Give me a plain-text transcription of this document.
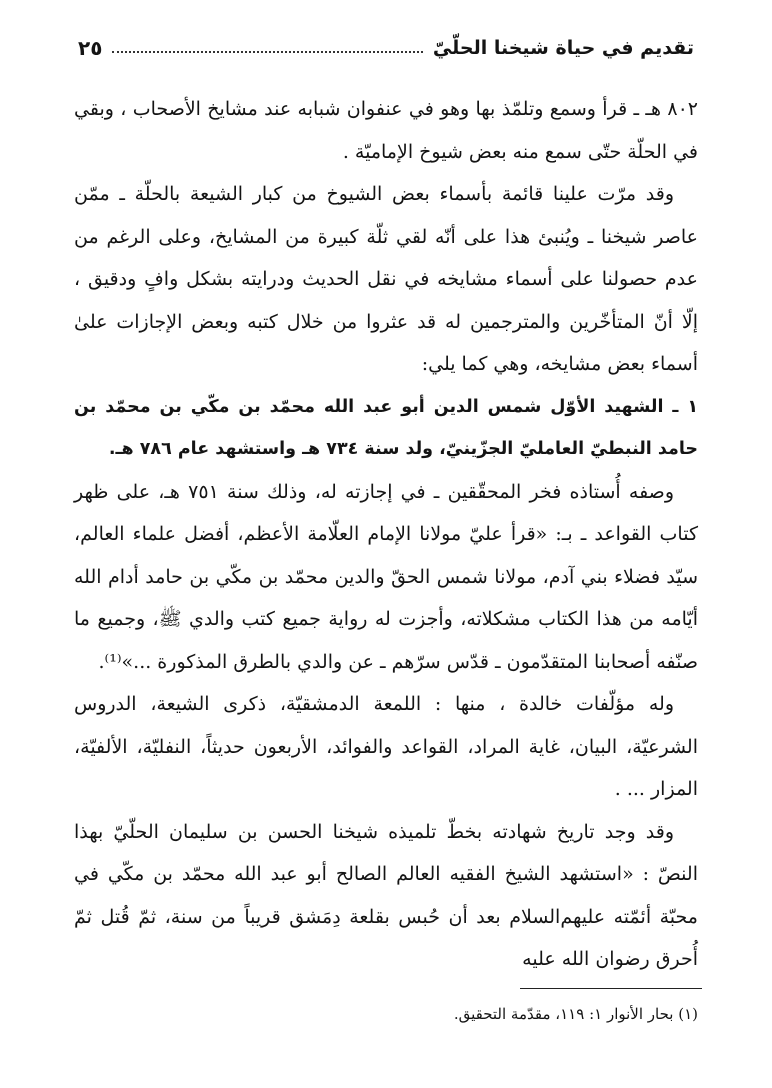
تقديم في حياة شيخنا الحلّيّ
٢٥

٨٠٢ هـ ـ قرأ وسمع وتلمّذ بها وهو في عنفوان شبابه عند مشايخ الأصحاب ، وبقي في الحلّة حتّى سمع منه بعض شيوخ الإماميّة .

وقد مرّت علينا قائمة بأسماء بعض الشيوخ من كبار الشيعة بالحلّة ـ ممّن عاصر شيخنا ـ ويُنبئ هذا على أنّه لقي ثلّة كبيرة من المشايخ، وعلى الرغم من عدم حصولنا على أسماء مشايخه في نقل الحديث ودرايته بشكل وافٍ ودقيق ، إلّا أنّ المتأخّرين والمترجمين له قد عثروا من خلال كتبه وبعض الإجازات علىٰ أسماء بعض مشايخه، وهي كما يلي:

١ ـ الشهيد الأوّل شمس الدين أبو عبد الله محمّد بن مكّي بن محمّد بن حامد النبطيّ العامليّ الجزّينيّ، ولد سنة ٧٣٤ هـ واستشهد عام ٧٨٦ هـ.

وصفه أُستاذه فخر المحقّقين ـ في إجازته له، وذلك سنة ٧٥١ هـ، على ظهر كتاب القواعد ـ بـ: «قرأ عليّ مولانا الإمام العلّامة الأعظم، أفضل علماء العالم، سيّد فضلاء بني آدم، مولانا شمس الحقّ والدين محمّد بن مكّي بن حامد أدام الله أيّامه من هذا الكتاب مشكلاته، وأجزت له رواية جميع كتب والدي ﷺ، وجميع ما صنّفه أصحابنا المتقدّمون ـ قدّس سرّهم ـ عن والدي بالطرق المذكورة ...»⁽¹⁾.

وله مؤلّفات خالدة ، منها : اللمعة الدمشقيّة، ذكرى الشيعة، الدروس الشرعيّة، البيان، غاية المراد، القواعد والفوائد، الأربعون حديثاً، النفليّة، الألفيّة، المزار ... .

وقد وجد تاريخ شهادته بخطّ تلميذه شيخنا الحسن بن سليمان الحلّيّ بهذا النصّ : «استشهد الشيخ الفقيه العالم الصالح أبو عبد الله محمّد بن مكّي في محبّة أئمّته عليهم‌السلام بعد أن حُبس بقلعة دِمَشق قريباً من سنة، ثمّ قُتل ثمّ أُحرق رضوان الله عليه

(١) بحار الأنوار ١: ١١٩، مقدّمة التحقيق.
